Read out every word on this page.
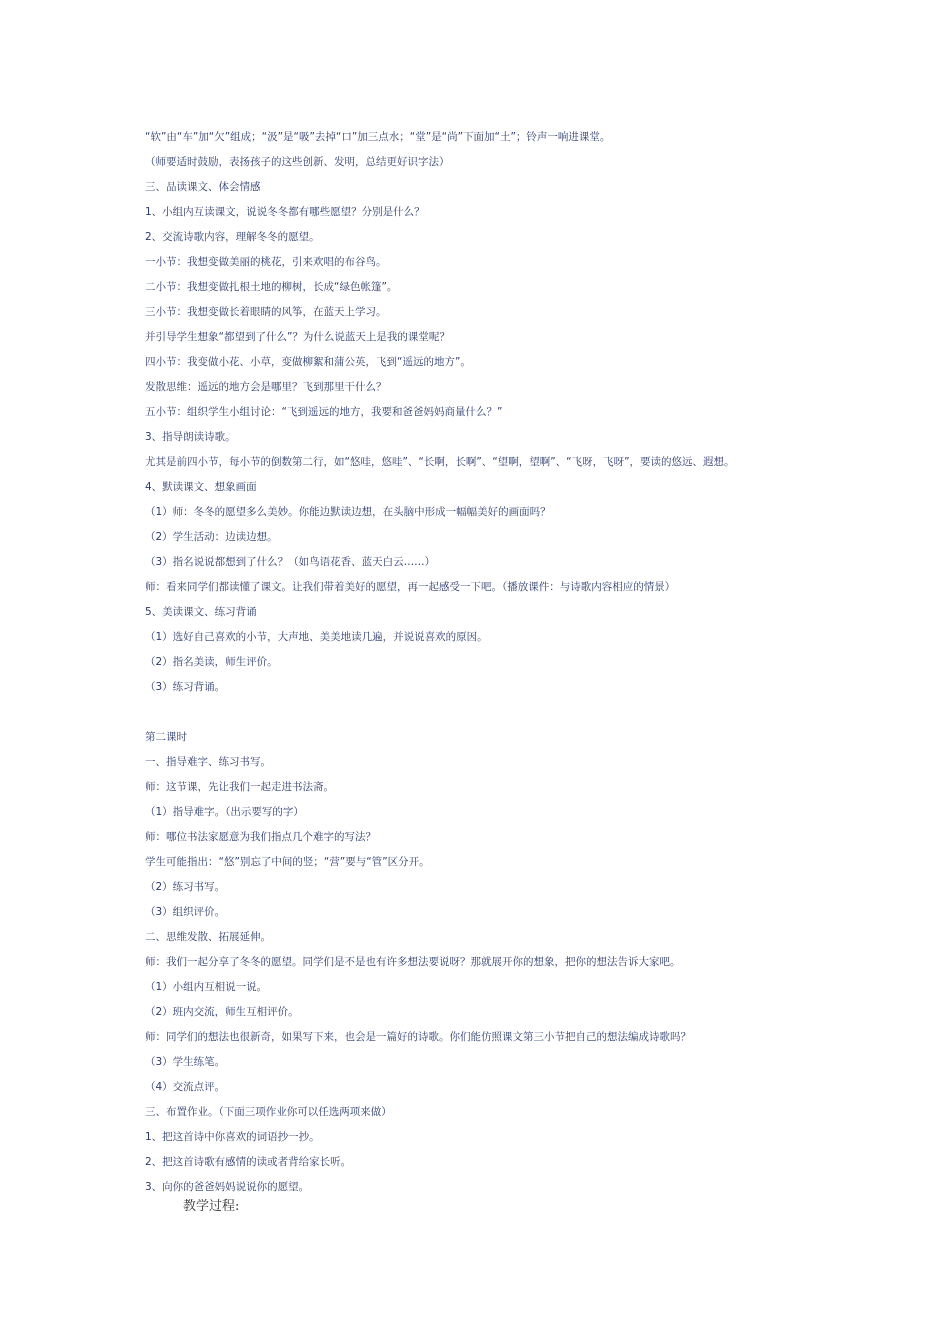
“软”由“车”加“欠”组成；“汲”是“吸”去掉“口”加三点水；“堂”是“尚”下面加“土”；铃声一响进课堂。

（师要适时鼓励，表扬孩子的这些创新、发明，总结更好识字法）

三、品读课文、体会情感

1、小组内互读课文，说说冬冬都有哪些愿望？分别是什么？

2、交流诗歌内容，理解冬冬的愿望。

一小节：我想变做美丽的桃花，引来欢唱的布谷鸟。

二小节：我想变做扎根土地的柳树，长成“绿色帐篷”。

三小节：我想变做长着眼睛的风筝，在蓝天上学习。

并引导学生想象“都望到了什么”？为什么说蓝天上是我的课堂呢？

四小节：我变做小花、小草，变做柳絮和蒲公英，飞到“遥远的地方”。

发散思维：遥远的地方会是哪里？飞到那里干什么？

五小节：组织学生小组讨论：“飞到遥远的地方，我要和爸爸妈妈商量什么？”

3、指导朗读诗歌。

尤其是前四小节，每小节的倒数第二行，如“悠哇，悠哇”、“长啊，长啊”、“望啊，望啊”、“飞呀，飞呀”，要读的悠远、遐想。

4、默读课文、想象画面

（1）师：冬冬的愿望多么美妙。你能边默读边想，在头脑中形成一幅幅美好的画面吗？

（2）学生活动：边读边想。

（3）指名说说都想到了什么？（如鸟语花香、蓝天白云……）

师：看来同学们都读懂了课文。让我们带着美好的愿望，再一起感受一下吧。（播放课件：与诗歌内容相应的情景）

5、美读课文、练习背诵

（1）选好自己喜欢的小节，大声地、美美地读几遍，并说说喜欢的原因。

（2）指名美读，师生评价。

（3）练习背诵。

第二课时

一、指导难字、练习书写。

师：这节课，先让我们一起走进书法斋。

（1）指导难字。（出示要写的字）

师：哪位书法家愿意为我们指点几个难字的写法？

学生可能指出：“悠”别忘了中间的竖；“营”要与“管”区分开。

（2）练习书写。

（3）组织评价。

二、思维发散、拓展延伸。

师：我们一起分享了冬冬的愿望。同学们是不是也有许多想法要说呀？那就展开你的想象，把你的想法告诉大家吧。

（1）小组内互相说一说。

（2）班内交流，师生互相评价。

师：同学们的想法也很新奇，如果写下来，也会是一篇好的诗歌。你们能仿照课文第三小节把自己的想法编成诗歌吗？

（3）学生练笔。

（4）交流点评。

三、布置作业。（下面三项作业你可以任选两项来做）

1、把这首诗中你喜欢的词语抄一抄。

2、把这首诗歌有感情的读或者背给家长听。

3、向你的爸爸妈妈说说你的愿望。

教学过程:
